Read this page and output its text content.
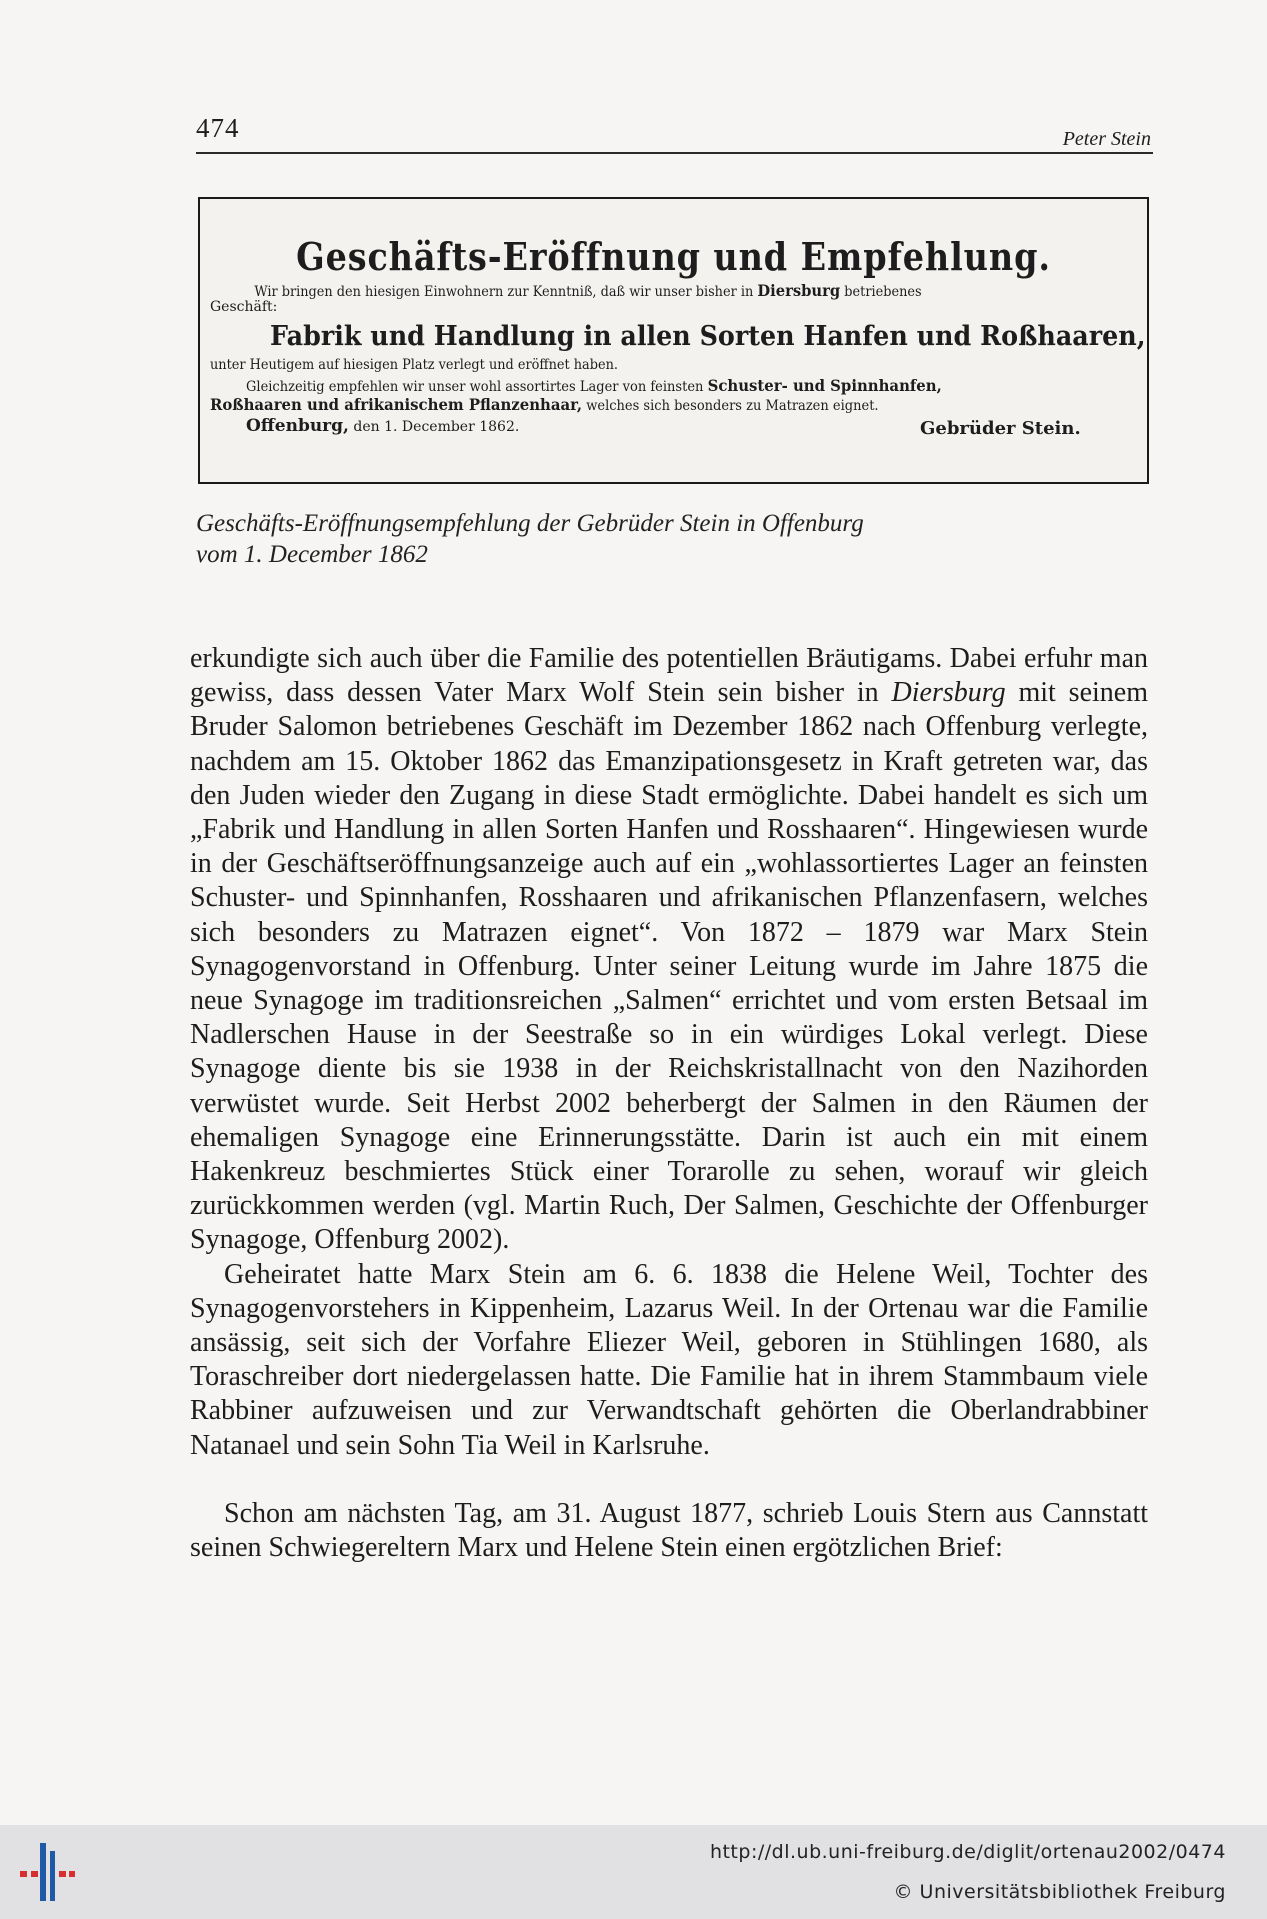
474	Peter Stein
Geschäfts-Eröffnung und Empfehlung.
Wir bringen den hiesigen Einwohnern zur Kenntniß, daß wir unser bisher in Diersburg betriebenes
Geschäft:
Fabrik und Handlung in allen Sorten Hanfen und Roßhaaren,
unter Heutigem auf hiesigen Platz verlegt und eröffnet haben.
Gleichzeitig empfehlen wir unser wohl assortirtes Lager von feinsten Schuster- und Spinnhanfen,
Roßhaaren und afrikanischem Pflanzenhaar, welches sich besonders zu Matrazen eignet.
Offenburg, den 1. December 1862.	Gebrüder Stein.
Geschäfts-Eröffnungsempfehlung der Gebrüder Stein in Offenburg
vom 1. December 1862

erkundigte sich auch über die Familie des potentiellen Bräutigams. Dabei erfuhr man gewiss, dass dessen Vater Marx Wolf Stein sein bisher in Diersburg mit seinem Bruder Salomon betriebenes Geschäft im Dezember 1862 nach Offenburg verlegte, nachdem am 15. Oktober 1862 das Emanzipationsgesetz in Kraft getreten war, das den Juden wieder den Zugang in diese Stadt ermöglichte. Dabei handelt es sich um „Fabrik und Handlung in allen Sorten Hanfen und Rosshaaren“. Hingewiesen wurde in der Geschäftseröffnungsanzeige auch auf ein „wohlassortiertes Lager an feinsten Schuster- und Spinnhanfen, Rosshaaren und afrikanischen Pflanzenfasern, welches sich besonders zu Matrazen eignet“. Von 1872 – 1879 war Marx Stein Synagogenvorstand in Offenburg. Unter seiner Leitung wurde im Jahre 1875 die neue Synagoge im traditionsreichen „Salmen“ errichtet und vom ersten Betsaal im Nadlerschen Hause in der Seestraße so in ein würdiges Lokal verlegt. Diese Synagoge diente bis sie 1938 in der Reichskristallnacht von den Nazihorden verwüstet wurde. Seit Herbst 2002 beherbergt der Salmen in den Räumen der ehemaligen Synagoge eine Erinnerungsstätte. Darin ist auch ein mit einem Hakenkreuz beschmiertes Stück einer Torarolle zu sehen, worauf wir gleich zurückkommen werden (vgl. Martin Ruch, Der Salmen, Geschichte der Offenburger Synagoge, Offenburg 2002).

Geheiratet hatte Marx Stein am 6. 6. 1838 die Helene Weil, Tochter des Synagogenvorstehers in Kippenheim, Lazarus Weil. In der Ortenau war die Familie ansässig, seit sich der Vorfahre Eliezer Weil, geboren in Stühlingen 1680, als Toraschreiber dort niedergelassen hatte. Die Familie hat in ihrem Stammbaum viele Rabbiner aufzuweisen und zur Verwandtschaft gehörten die Oberlandrabbiner Natanael und sein Sohn Tia Weil in Karlsruhe.

Schon am nächsten Tag, am 31. August 1877, schrieb Louis Stern aus Cannstatt seinen Schwiegereltern Marx und Helene Stein einen ergötzlichen Brief:

http://dl.ub.uni-freiburg.de/diglit/ortenau2002/0474
© Universitätsbibliothek Freiburg
